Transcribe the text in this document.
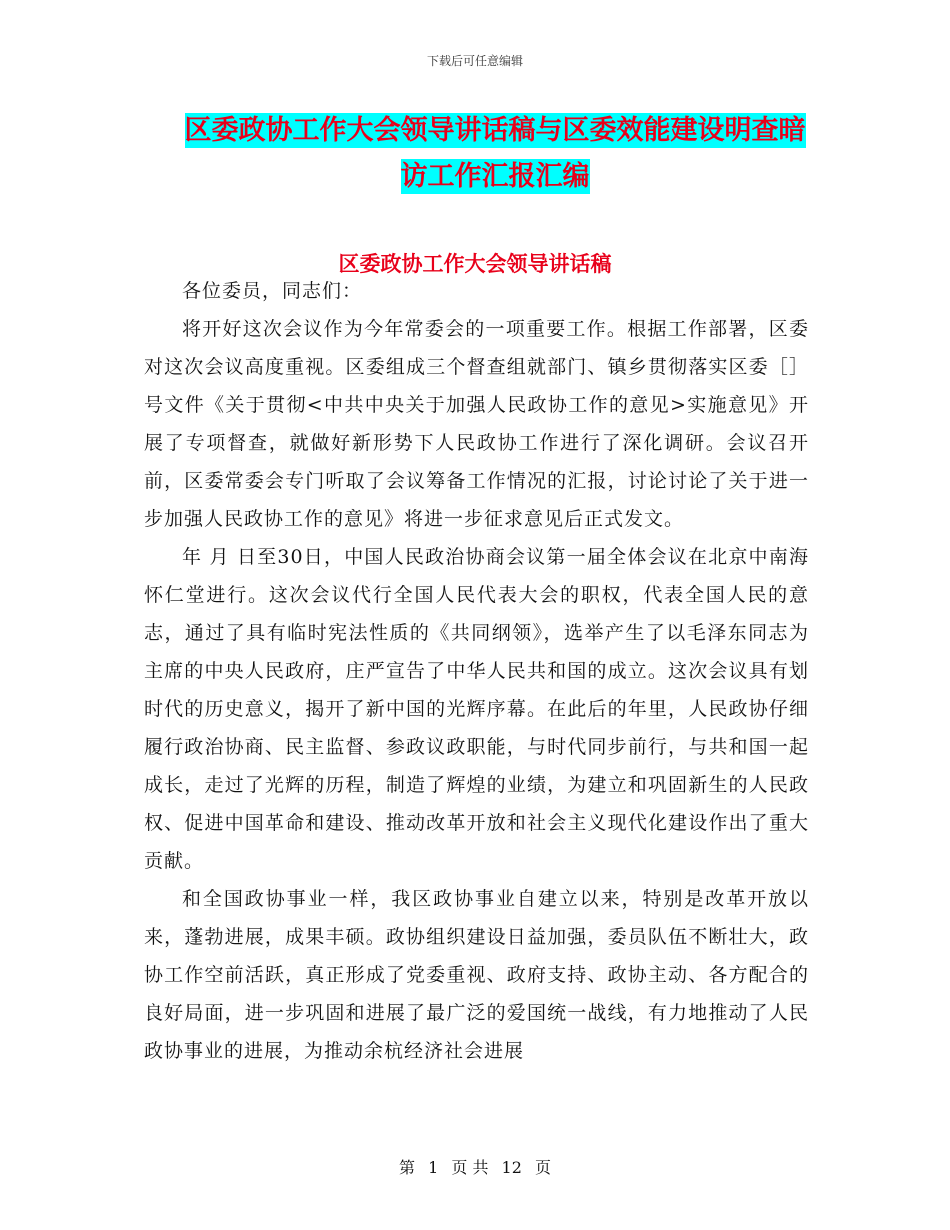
下载后可任意编辑
区委政协工作大会领导讲话稿与区委效能建设明查暗
访工作汇报汇编
区委政协工作大会领导讲话稿

各位委员，同志们：

将开好这次会议作为今年常委会的一项重要工作。根据工作部署，区委对这次会议高度重视。区委组成三个督查组就部门、镇乡贯彻落实区委［］ 号文件《关于贯彻<中共中央关于加强人民政协工作的意见>实施意见》开展了专项督查，就做好新形势下人民政协工作进行了深化调研。会议召开前，区委常委会专门听取了会议筹备工作情况的汇报，讨论讨论了关于进一步加强人民政协工作的意见》将进一步征求意见后正式发文。

年 月 日至30日，中国人民政治协商会议第一届全体会议在北京中南海怀仁堂进行。这次会议代行全国人民代表大会的职权，代表全国人民的意志，通过了具有临时宪法性质的《共同纲领》，选举产生了以毛泽东同志为主席的中央人民政府，庄严宣告了中华人民共和国的成立。这次会议具有划时代的历史意义，揭开了新中国的光辉序幕。在此后的年里，人民政协仔细履行政治协商、民主监督、参政议政职能，与时代同步前行，与共和国一起成长，走过了光辉的历程，制造了辉煌的业绩，为建立和巩固新生的人民政权、促进中国革命和建设、推动改革开放和社会主义现代化建设作出了重大贡献。

和全国政协事业一样，我区政协事业自建立以来，特别是改革开放以来，蓬勃进展，成果丰硕。政协组织建设日益加强，委员队伍不断壮大，政协工作空前活跃，真正形成了党委重视、政府支持、政协主动、各方配合的良好局面，进一步巩固和进展了最广泛的爱国统一战线，有力地推动了人民政协事业的进展，为推动余杭经济社会进展

第 1 页 共 12 页
